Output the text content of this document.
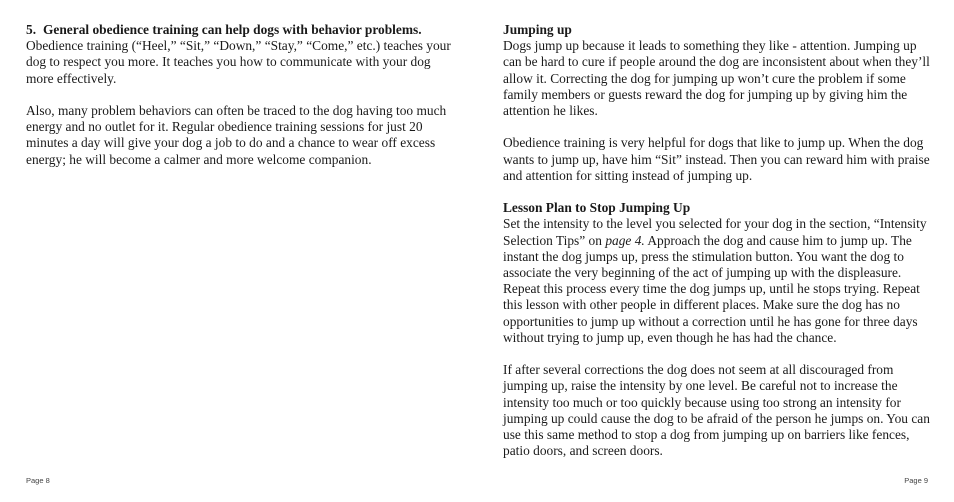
5. General obedience training can help dogs with behavior problems.

Obedience training (“Heel,” “Sit,” “Down,” “Stay,” “Come,” etc.) teaches your dog to respect you more. It teaches you how to communicate with your dog more effectively.

Also, many problem behaviors can often be traced to the dog having too much energy and no outlet for it. Regular obedience training sessions for just 20 minutes a day will give your dog a job to do and a chance to wear off excess energy; he will become a calmer and more welcome companion.

Jumping up

Dogs jump up because it leads to something they like - attention. Jumping up can be hard to cure if people around the dog are inconsistent about when they’ll allow it. Correcting the dog for jumping up won’t cure the problem if some family members or guests reward the dog for jumping up by giving him the attention he likes.

Obedience training is very helpful for dogs that like to jump up. When the dog wants to jump up, have him “Sit” instead. Then you can reward him with praise and attention for sitting instead of jumping up.

Lesson Plan to Stop Jumping Up

Set the intensity to the level you selected for your dog in the section, “Intensity Selection Tips” on page 4. Approach the dog and cause him to jump up. The instant the dog jumps up, press the stimulation button. You want the dog to associate the very beginning of the act of jumping up with the displeasure. Repeat this process every time the dog jumps up, until he stops trying. Repeat this lesson with other people in different places. Make sure the dog has no opportunities to jump up without a correction until he has gone for three days without trying to jump up, even though he has had the chance.

If after several corrections the dog does not seem at all discouraged from jumping up, raise the intensity by one level. Be careful not to increase the intensity too much or too quickly because using too strong an intensity for jumping up could cause the dog to be afraid of the person he jumps on. You can use this same method to stop a dog from jumping up on barriers like fences, patio doors, and screen doors.

Page 8	Page 9
